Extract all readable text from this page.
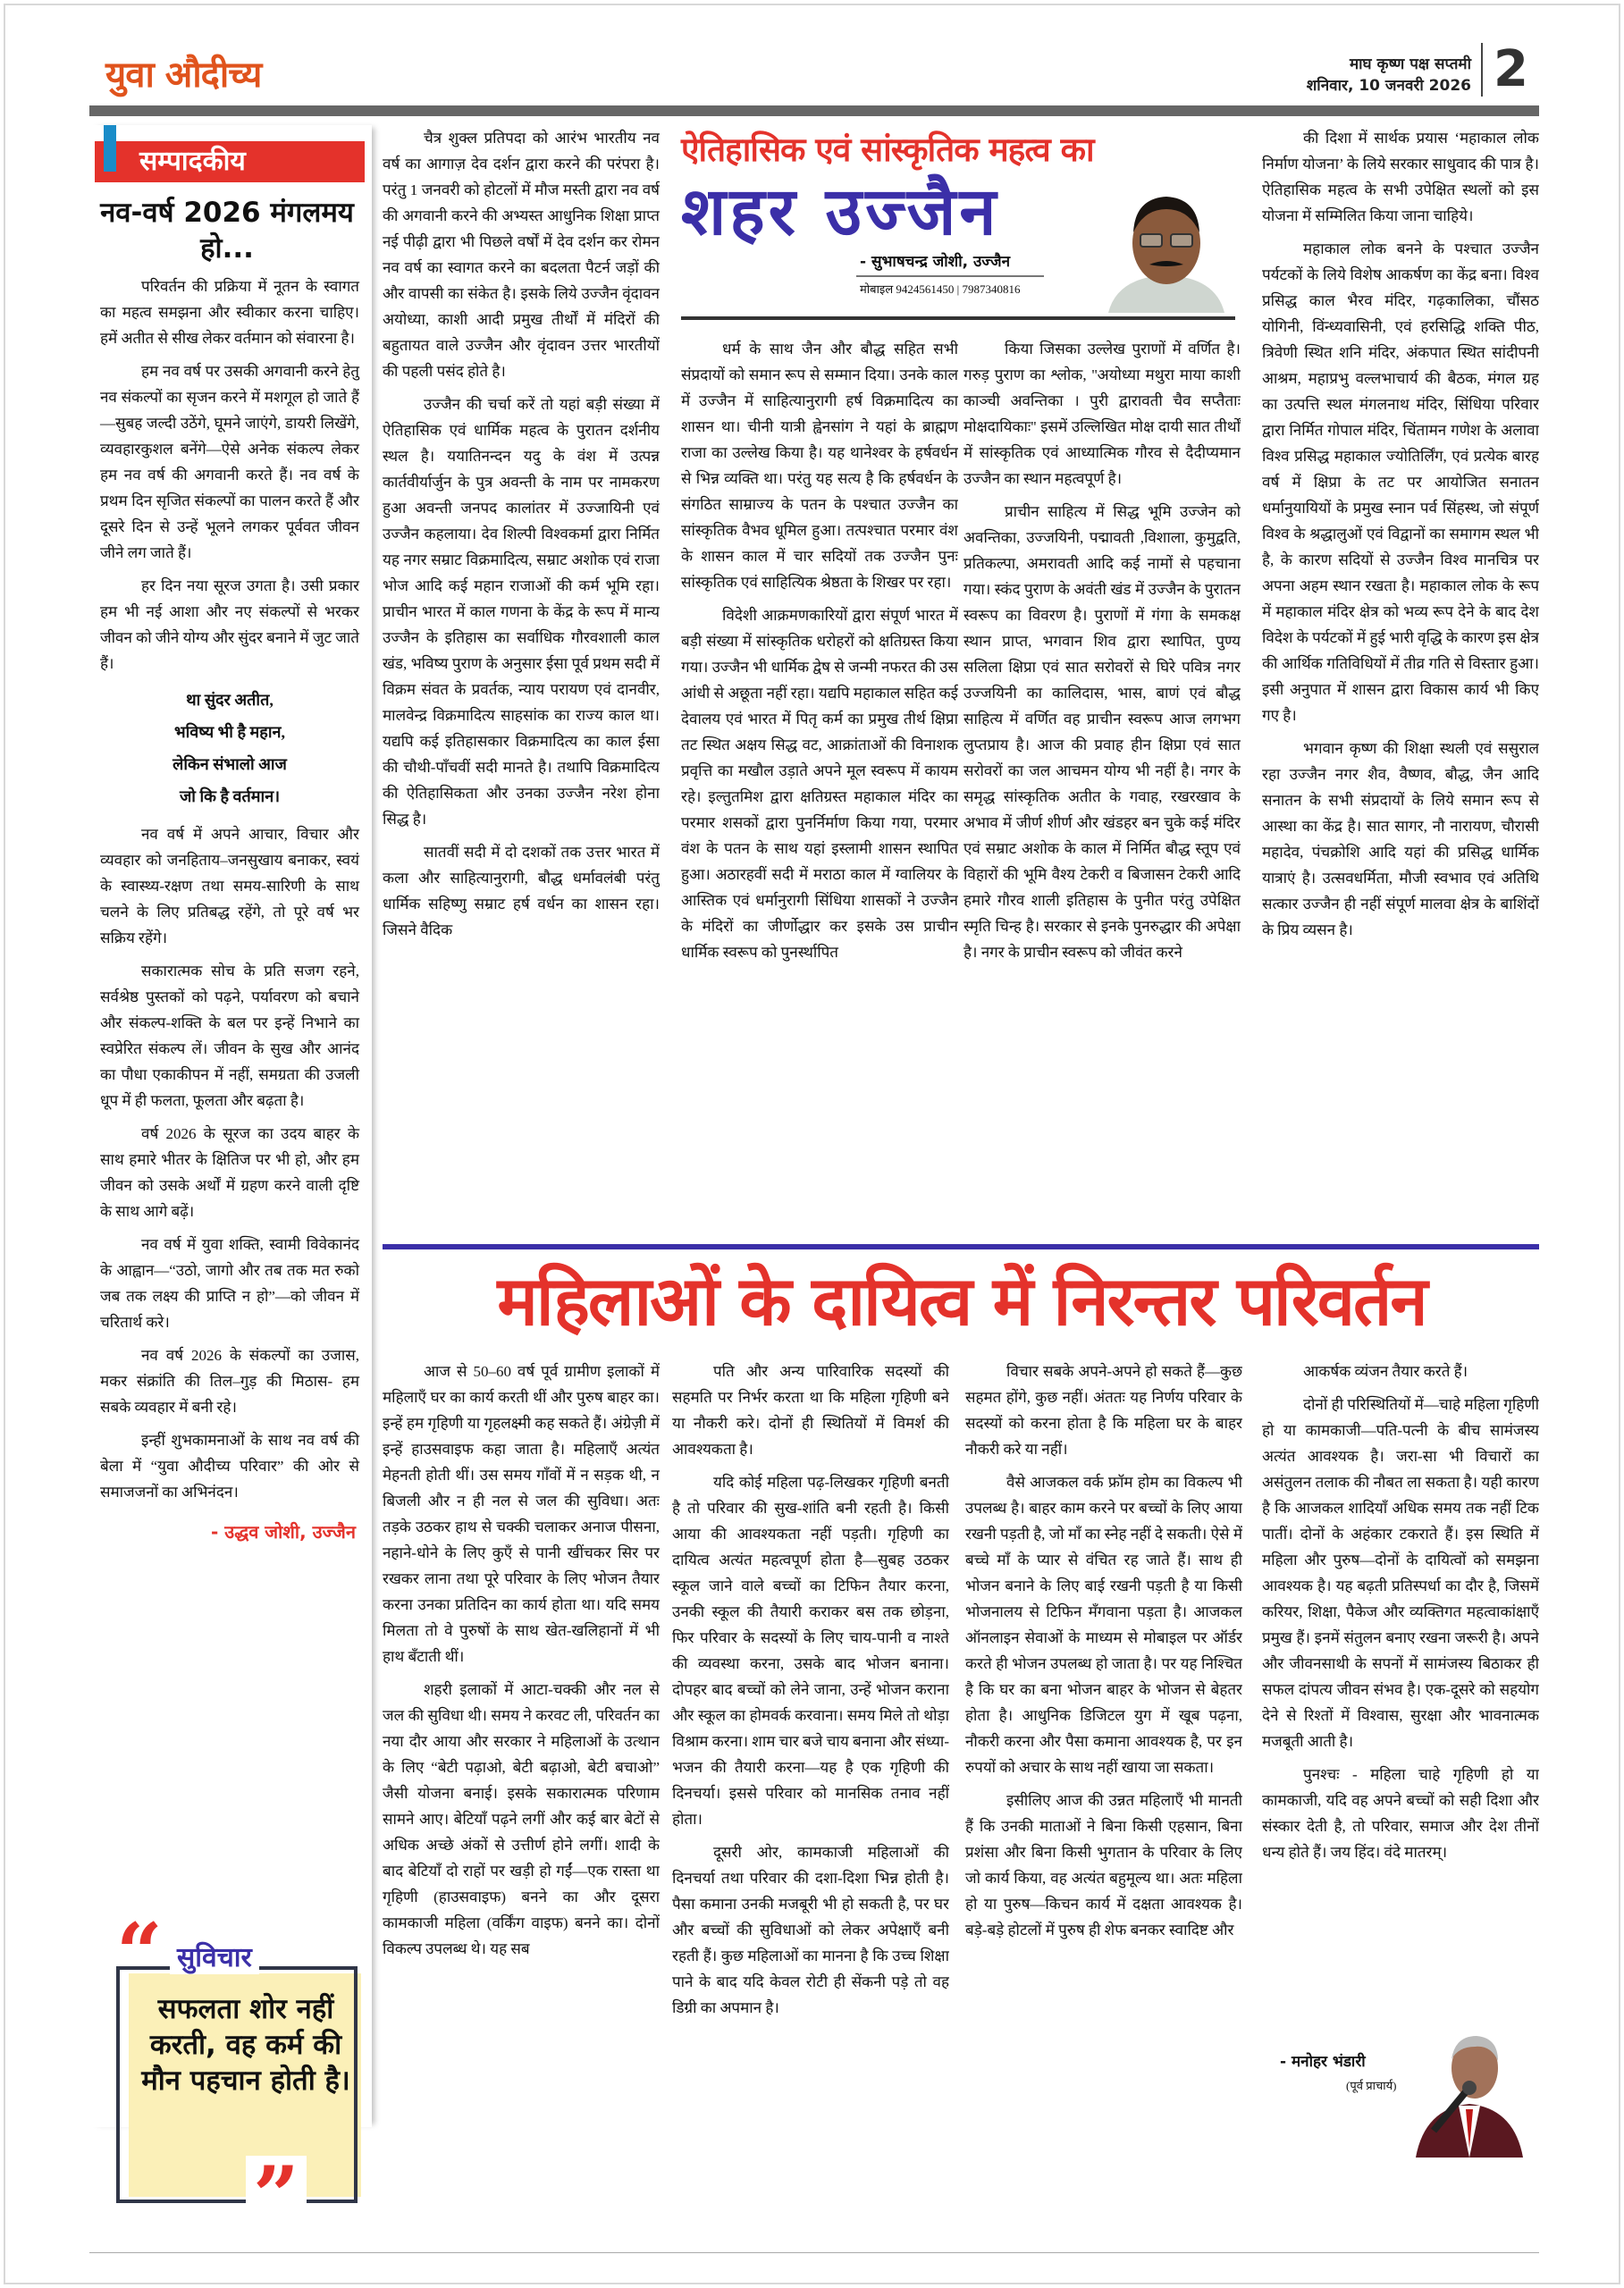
युवा औदीच्य	माघ कृष्ण पक्ष सप्तमी
शनिवार, 10 जनवरी 2026 2
सम्पादकीय
नव-वर्ष 2026 मंगलमय हो...

परिवर्तन की प्रक्रिया में नूतन के स्वागत का महत्व समझना और स्वीकार करना चाहिए। हमें अतीत से सीख लेकर वर्तमान को संवारना है।

हम नव वर्ष पर उसकी अगवानी करने हेतु नव संकल्पों का सृजन करने में मशगूल हो जाते हैं—सुबह जल्दी उठेंगे, घूमने जाएंगे, डायरी लिखेंगे, व्यवहारकुशल बनेंगे—ऐसे अनेक संकल्प लेकर हम नव वर्ष की अगवानी करते हैं। नव वर्ष के प्रथम दिन सृजित संकल्पों का पालन करते हैं और दूसरे दिन से उन्हें भूलने लगकर पूर्ववत जीवन जीने लग जाते हैं।

हर दिन नया सूरज उगता है। उसी प्रकार हम भी नई आशा और नए संकल्पों से भरकर जीवन को जीने योग्य और सुंदर बनाने में जुट जाते हैं।

था सुंदर अतीत,
भविष्य भी है महान,
लेकिन संभालो आज
जो कि है वर्तमान।

नव वर्ष में अपने आचार, विचार और व्यवहार को जनहिताय–जनसुखाय बनाकर, स्वयं के स्वास्थ्य-रक्षण तथा समय-सारिणी के साथ चलने के लिए प्रतिबद्ध रहेंगे, तो पूरे वर्ष भर सक्रिय रहेंगे।

सकारात्मक सोच के प्रति सजग रहने, सर्वश्रेष्ठ पुस्तकों को पढ़ने, पर्यावरण को बचाने और संकल्प-शक्ति के बल पर इन्हें निभाने का स्वप्रेरित संकल्प लें। जीवन के सुख और आनंद का पौधा एकाकीपन में नहीं, समग्रता की उजली धूप में ही फलता, फूलता और बढ़ता है।

वर्ष 2026 के सूरज का उदय बाहर के साथ हमारे भीतर के क्षितिज पर भी हो, और हम जीवन को उसके अर्थों में ग्रहण करने वाली दृष्टि के साथ आगे बढ़ें।

नव वर्ष में युवा शक्ति, स्वामी विवेकानंद के आह्वान—“उठो, जागो और तब तक मत रुको जब तक लक्ष्य की प्राप्ति न हो”—को जीवन में चरितार्थ करे।

नव वर्ष 2026 के संकल्पों का उजास, मकर संक्रांति की तिल–गुड़ की मिठास- हम सबके व्यवहार में बनी रहे।

इन्हीं शुभकामनाओं के साथ नव वर्ष की बेला में “युवा औदीच्य परिवार” की ओर से समाजजनों का अभिनंदन।

- उद्धव जोशी, उज्जैन
“ सुविचार
सफलता शोर नहीं करती, वह कर्म की मौन पहचान होती है।
”

चैत्र शुक्ल प्रतिपदा को आरंभ भारतीय नव वर्ष का आगाज़ देव दर्शन द्वारा करने की परंपरा है। परंतु 1 जनवरी को होटलों में मौज मस्ती द्वारा नव वर्ष की अगवानी करने की अभ्यस्त आधुनिक शिक्षा प्राप्त नई पीढ़ी द्वारा भी पिछले वर्षों में देव दर्शन कर रोमन नव वर्ष का स्वागत करने का बदलता पैटर्न जड़ों की और वापसी का संकेत है। इसके लिये उज्जैन वृंदावन अयोध्या, काशी आदी प्रमुख तीर्थों में मंदिरों की बहुतायत वाले उज्जैन और वृंदावन उत्तर भारतीयों की पहली पसंद होते है।

उज्जैन की चर्चा करें तो यहां बड़ी संख्या में ऐतिहासिक एवं धार्मिक महत्व के पुरातन दर्शनीय स्थल है। ययातिनन्दन यदु के वंश में उत्पन्न कार्तवीर्यार्जुन के पुत्र अवन्ती के नाम पर नामकरण हुआ अवन्ती जनपद कालांतर में उज्जायिनी एवं उज्जैन कहलाया। देव शिल्पी विश्वकर्मा द्वारा निर्मित यह नगर सम्राट विक्रमादित्य, सम्राट अशोक एवं राजा भोज आदि कई महान राजाओं की कर्म भूमि रहा। प्राचीन भारत में काल गणना के केंद्र के रूप में मान्य उज्जैन के इतिहास का सर्वाधिक गौरवशाली काल खंड, भविष्य पुराण के अनुसार ईसा पूर्व प्रथम सदी में विक्रम संवत के प्रवर्तक, न्याय परायण एवं दानवीर, मालवेन्द्र विक्रमादित्य साहसांक का राज्य काल था। यद्यपि कई इतिहासकार विक्रमादित्य का काल ईसा की चौथी-पाँचवीं सदी मानते है। तथापि विक्रमादित्य की ऐतिहासिकता और उनका उज्जैन नरेश होना सिद्ध है।

सातवीं सदी में दो दशकों तक उत्तर भारत में कला और साहित्यानुरागी, बौद्ध धर्मावलंबी परंतु धार्मिक सहिष्णु सम्राट हर्ष वर्धन का शासन रहा। जिसने वैदिक

ऐतिहासिक एवं सांस्कृतिक महत्व का
शहर उज्जैन
- सुभाषचन्द्र जोशी, उज्जैन
मोबाइल 9424561450 | 7987340816

धर्म के साथ जैन और बौद्ध सहित सभी संप्रदायों को समान रूप से सम्मान दिया। उनके काल में उज्जैन में साहित्यानुरागी हर्ष विक्रमादित्य का शासन था। चीनी यात्री ह्वेनसांग ने यहां के ब्राह्मण राजा का उल्लेख किया है। यह थानेश्वर के हर्षवर्धन से भिन्न व्यक्ति था। परंतु यह सत्य है कि हर्षवर्धन के संगठित साम्राज्य के पतन के पश्चात उज्जैन का सांस्कृतिक वैभव धूमिल हुआ। तत्पश्चात परमार वंश के शासन काल में चार सदियों तक उज्जैन पुनः सांस्कृतिक एवं साहित्यिक श्रेष्ठता के शिखर पर रहा।

विदेशी आक्रमणकारियों द्वारा संपूर्ण भारत में बड़ी संख्या में सांस्कृतिक धरोहरों को क्षतिग्रस्त किया गया। उज्जैन भी धार्मिक द्वेष से जन्मी नफरत की उस आंधी से अछूता नहीं रहा। यद्यपि महाकाल सहित कई देवालय एवं भारत में पितृ कर्म का प्रमुख तीर्थ क्षिप्रा तट स्थित अक्षय सिद्ध वट, आक्रांताओं की विनाशक प्रवृत्ति का मखौल उड़ाते अपने मूल स्वरूप में कायम रहे। इल्तुतमिश द्वारा क्षतिग्रस्त महाकाल मंदिर का परमार शसकों द्वारा पुनर्निर्माण किया गया, परमार वंश के पतन के साथ यहां इस्लामी शासन स्थापित हुआ। अठारहवीं सदी में मराठा काल में ग्वालियर के आस्तिक एवं धर्मानुरागी सिंधिया शासकों ने उज्जैन के मंदिरों का जीर्णोद्धार कर इसके उस प्राचीन धार्मिक स्वरूप को पुनर्स्थापित

किया जिसका उल्लेख पुराणों में वर्णित है। गरुड़ पुराण का श्लोक, ''अयोध्या मथुरा माया काशी काञ्ची अवन्तिका । पुरी द्वारावती चैव सप्तैताः मोक्षदायिकाः'' इसमें उल्लिखित मोक्ष दायी सात तीर्थों में सांस्कृतिक एवं आध्यात्मिक गौरव से दैदीप्यमान उज्जैन का स्थान महत्वपूर्ण है।

प्राचीन साहित्य में सिद्ध भूमि उज्जेन को अवन्तिका, उज्जयिनी, पद्मावती ,विशाला, कुमुद्वति, प्रतिकल्पा, अमरावती आदि कई नामों से पहचाना गया। स्कंद पुराण के अवंती खंड में उज्जैन के पुरातन स्वरूप का विवरण है। पुराणों में गंगा के समकक्ष स्थान प्राप्त, भगवान शिव द्वारा स्थापित, पुण्य सलिला क्षिप्रा एवं सात सरोवरों से घिरे पवित्र नगर उज्जयिनी का कालिदास, भास, बाणं एवं बौद्ध साहित्य में वर्णित वह प्राचीन स्वरूप आज लगभग लुप्तप्राय है। आज की प्रवाह हीन क्षिप्रा एवं सात सरोवरों का जल आचमन योग्य भी नहीं है। नगर के समृद्ध सांस्कृतिक अतीत के गवाह, रखरखाव के अभाव में जीर्ण शीर्ण और खंडहर बन चुके कई मंदिर एवं सम्राट अशोक के काल में निर्मित बौद्ध स्तूप एवं विहारों की भूमि वैश्य टेकरी व बिजासन टेकरी आदि हमारे गौरव शाली इतिहास के पुनीत परंतु उपेक्षित स्मृति चिन्ह है। सरकार से इनके पुनरुद्धार की अपेक्षा है। नगर के प्राचीन स्वरूप को जीवंत करने

की दिशा में सार्थक प्रयास ‘महाकाल लोक निर्माण योजना’ के लिये सरकार साधुवाद की पात्र है। ऐतिहासिक महत्व के सभी उपेक्षित स्थलों को इस योजना में सम्मिलित किया जाना चाहिये।

महाकाल लोक बनने के पश्चात उज्जैन पर्यटकों के लिये विशेष आकर्षण का केंद्र बना। विश्व प्रसिद्ध काल भैरव मंदिर, गढ़कालिका, चौंसठ योगिनी, विंन्ध्यवासिनी, एवं हरसिद्धि शक्ति पीठ, त्रिवेणी स्थित शनि मंदिर, अंकपात स्थित सांदीपनी आश्रम, महाप्रभु वल्लभाचार्य की बैठक, मंगल ग्रह का उत्पत्ति स्थल मंगलनाथ मंदिर, सिंधिया परिवार द्वारा निर्मित गोपाल मंदिर, चिंतामन गणेश के अलावा विश्व प्रसिद्ध महाकाल ज्योतिर्लिंग, एवं प्रत्येक बारह वर्ष में क्षिप्रा के तट पर आयोजित सनातन धर्मानुयायियों के प्रमुख स्नान पर्व सिंहस्थ, जो संपूर्ण विश्व के श्रद्धालुओं एवं विद्वानों का समागम स्थल भी है, के कारण सदियों से उज्जैन विश्व मानचित्र पर अपना अहम स्थान रखता है। महाकाल लोक के रूप में महाकाल मंदिर क्षेत्र को भव्य रूप देने के बाद देश विदेश के पर्यटकों में हुई भारी वृद्धि के कारण इस क्षेत्र की आर्थिक गतिविधियों में तीव्र गति से विस्तार हुआ। इसी अनुपात में शासन द्वारा विकास कार्य भी किए गए है।

भगवान कृष्ण की शिक्षा स्थली एवं ससुराल रहा उज्जैन नगर शैव, वैष्णव, बौद्ध, जैन आदि सनातन के सभी संप्रदायों के लिये समान रूप से आस्था का केंद्र है। सात सागर, नौ नारायण, चौरासी महादेव, पंचक्रोशि आदि यहां की प्रसिद्ध धार्मिक यात्राएं है। उत्सवधर्मिता, मौजी स्वभाव एवं अतिथि सत्कार उज्जैन ही नहीं संपूर्ण मालवा क्षेत्र के बाशिंदों के प्रिय व्यसन है।

महिलाओं के दायित्व में निरन्तर परिवर्तन

आज से 50–60 वर्ष पूर्व ग्रामीण इलाकों में महिलाएँ घर का कार्य करती थीं और पुरुष बाहर का। इन्हें हम गृहिणी या गृहलक्ष्मी कह सकते हैं। अंग्रेज़ी में इन्हें हाउसवाइफ कहा जाता है। महिलाएँ अत्यंत मेहनती होती थीं। उस समय गाँवों में न सड़क थी, न बिजली और न ही नल से जल की सुविधा। अतः तड़के उठकर हाथ से चक्की चलाकर अनाज पीसना, नहाने-धोने के लिए कुएँ से पानी खींचकर सिर पर रखकर लाना तथा पूरे परिवार के लिए भोजन तैयार करना उनका प्रतिदिन का कार्य होता था। यदि समय मिलता तो वे पुरुषों के साथ खेत-खलिहानों में भी हाथ बँटाती थीं।

शहरी इलाकों में आटा-चक्की और नल से जल की सुविधा थी। समय ने करवट ली, परिवर्तन का नया दौर आया और सरकार ने महिलाओं के उत्थान के लिए “बेटी पढ़ाओ, बेटी बढ़ाओ, बेटी बचाओ” जैसी योजना बनाई। इसके सकारात्मक परिणाम सामने आए। बेटियाँ पढ़ने लगीं और कई बार बेटों से अधिक अच्छे अंकों से उत्तीर्ण होने लगीं। शादी के बाद बेटियाँ दो राहों पर खड़ी हो गईं—एक रास्ता था गृहिणी (हाउसवाइफ) बनने का और दूसरा कामकाजी महिला (वर्किंग वाइफ) बनने का। दोनों विकल्प उपलब्ध थे। यह सब

पति और अन्य पारिवारिक सदस्यों की सहमति पर निर्भर करता था कि महिला गृहिणी बने या नौकरी करे। दोनों ही स्थितियों में विमर्श की आवश्यकता है।

यदि कोई महिला पढ़-लिखकर गृहिणी बनती है तो परिवार की सुख-शांति बनी रहती है। किसी आया की आवश्यकता नहीं पड़ती। गृहिणी का दायित्व अत्यंत महत्वपूर्ण होता है—सुबह उठकर स्कूल जाने वाले बच्चों का टिफिन तैयार करना, उनकी स्कूल की तैयारी कराकर बस तक छोड़ना, फिर परिवार के सदस्यों के लिए चाय-पानी व नाश्ते की व्यवस्था करना, उसके बाद भोजन बनाना। दोपहर बाद बच्चों को लेने जाना, उन्हें भोजन कराना और स्कूल का होमवर्क करवाना। समय मिले तो थोड़ा विश्राम करना। शाम चार बजे चाय बनाना और संध्या-भजन की तैयारी करना—यह है एक गृहिणी की दिनचर्या। इससे परिवार को मानसिक तनाव नहीं होता।

दूसरी ओर, कामकाजी महिलाओं की दिनचर्या तथा परिवार की दशा-दिशा भिन्न होती है। पैसा कमाना उनकी मजबूरी भी हो सकती है, पर घर और बच्चों की सुविधाओं को लेकर अपेक्षाएँ बनी रहती हैं। कुछ महिलाओं का मानना है कि उच्च शिक्षा पाने के बाद यदि केवल रोटी ही सेंकनी पड़े तो वह डिग्री का अपमान है।

विचार सबके अपने-अपने हो सकते हैं—कुछ सहमत होंगे, कुछ नहीं। अंततः यह निर्णय परिवार के सदस्यों को करना होता है कि महिला घर के बाहर नौकरी करे या नहीं।

वैसे आजकल वर्क फ्रॉम होम का विकल्प भी उपलब्ध है। बाहर काम करने पर बच्चों के लिए आया रखनी पड़ती है, जो माँ का स्नेह नहीं दे सकती। ऐसे में बच्चे माँ के प्यार से वंचित रह जाते हैं। साथ ही भोजन बनाने के लिए बाई रखनी पड़ती है या किसी भोजनालय से टिफिन मँगवाना पड़ता है। आजकल ऑनलाइन सेवाओं के माध्यम से मोबाइल पर ऑर्डर करते ही भोजन उपलब्ध हो जाता है। पर यह निश्चित है कि घर का बना भोजन बाहर के भोजन से बेहतर होता है। आधुनिक डिजिटल युग में खूब पढ़ना, नौकरी करना और पैसा कमाना आवश्यक है, पर इन रुपयों को अचार के साथ नहीं खाया जा सकता।

इसीलिए आज की उन्नत महिलाएँ भी मानती हैं कि उनकी माताओं ने बिना किसी एहसान, बिना प्रशंसा और बिना किसी भुगतान के परिवार के लिए जो कार्य किया, वह अत्यंत बहुमूल्य था। अतः महिला हो या पुरुष—किचन कार्य में दक्षता आवश्यक है। बड़े-बड़े होटलों में पुरुष ही शेफ बनकर स्वादिष्ट और

आकर्षक व्यंजन तैयार करते हैं।

दोनों ही परिस्थितियों में—चाहे महिला गृहिणी हो या कामकाजी—पति-पत्नी के बीच सामंजस्य अत्यंत आवश्यक है। जरा-सा भी विचारों का असंतुलन तलाक की नौबत ला सकता है। यही कारण है कि आजकल शादियाँ अधिक समय तक नहीं टिक पातीं। दोनों के अहंकार टकराते हैं। इस स्थिति में महिला और पुरुष—दोनों के दायित्वों को समझना आवश्यक है। यह बढ़ती प्रतिस्पर्धा का दौर है, जिसमें करियर, शिक्षा, पैकेज और व्यक्तिगत महत्वाकांक्षाएँ प्रमुख हैं। इनमें संतुलन बनाए रखना जरूरी है। अपने और जीवनसाथी के सपनों में सामंजस्य बिठाकर ही सफल दांपत्य जीवन संभव है। एक-दूसरे को सहयोग देने से रिश्तों में विश्वास, सुरक्षा और भावनात्मक मजबूती आती है।

पुनश्चः - महिला चाहे गृहिणी हो या कामकाजी, यदि वह अपने बच्चों को सही दिशा और संस्कार देती है, तो परिवार, समाज और देश तीनों धन्य होते हैं। जय हिंद। वंदे मातरम्।

- मनोहर भंडारी
(पूर्व प्राचार्य)
